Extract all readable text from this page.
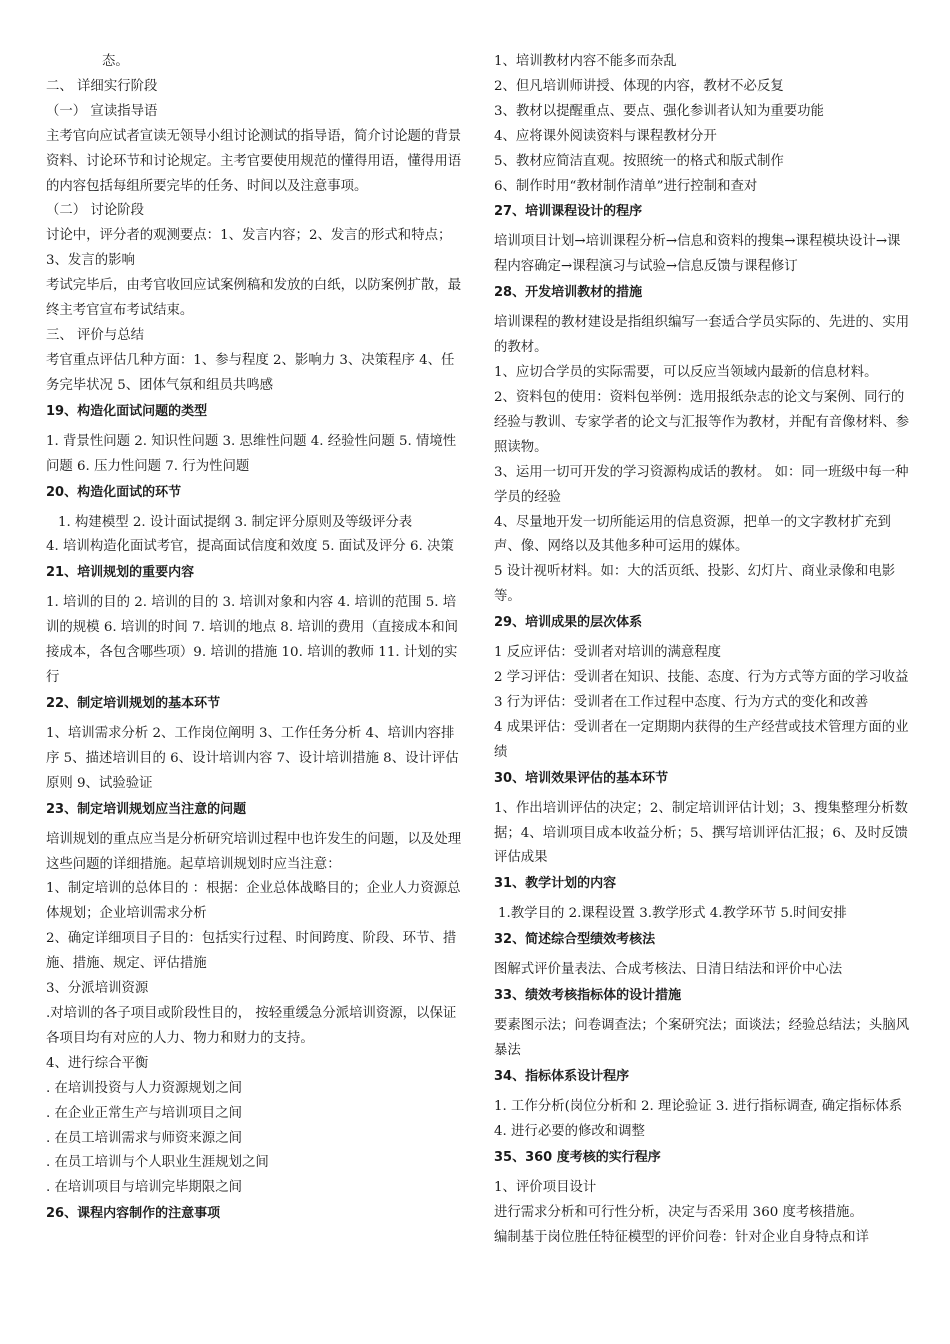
态。

二、 详细实行阶段

（一） 宣读指导语

主考官向应试者宣读无领导小组讨论测试的指导语，简介讨论题的背景资料、讨论环节和讨论规定。主考官要使用规范的懂得用语，懂得用语的内容包括每组所要完毕的任务、时间以及注意事项。

（二） 讨论阶段

讨论中，评分者的观测要点：1、发言内容；2、发言的形式和特点；3、发言的影响

考试完毕后，由考官收回应试案例稿和发放的白纸，以防案例扩散，最终主考官宣布考试结束。

三、 评价与总结

考官重点评估几种方面：1、参与程度 2、影响力 3、决策程序 4、任务完毕状况 5、团体气氛和组员共鸣感

19、构造化面试问题的类型

1. 背景性问题 2. 知识性问题 3. 思维性问题 4. 经验性问题 5. 情境性问题 6. 压力性问题 7. 行为性问题

20、构造化面试的环节

1. 构建模型 2. 设计面试提纲 3. 制定评分原则及等级评分表

4. 培训构造化面试考官，提高面试信度和效度 5. 面试及评分 6. 决策

21、培训规划的重要内容

1. 培训的目的 2. 培训的目的 3. 培训对象和内容 4. 培训的范围 5. 培训的规模 6. 培训的时间 7. 培训的地点 8. 培训的费用（直接成本和间接成本，各包含哪些项）9. 培训的措施 10. 培训的教师 11. 计划的实行

22、制定培训规划的基本环节

1、培训需求分析 2、工作岗位阐明 3、工作任务分析 4、培训内容排序 5、描述培训目的 6、设计培训内容 7、设计培训措施 8、设计评估原则 9、试验验证

23、制定培训规划应当注意的问题

培训规划的重点应当是分析研究培训过程中也许发生的问题，以及处理这些问题的详细措施。起草培训规划时应当注意：

1、制定培训的总体目的 ：根据：企业总体战略目的；企业人力资源总体规划；企业培训需求分析

2、确定详细项目子目的：包括实行过程、时间跨度、阶段、环节、措施、措施、规定、评估措施

3、分派培训资源

.对培训的各子项目或阶段性目的， 按轻重缓急分派培训资源，以保证各项目均有对应的人力、物力和财力的支持。

4、进行综合平衡

. 在培训投资与人力资源规划之间

. 在企业正常生产与培训项目之间

. 在员工培训需求与师资来源之间

. 在员工培训与个人职业生涯规划之间

. 在培训项目与培训完毕期限之间

26、课程内容制作的注意事项

1、培训教材内容不能多而杂乱

2、但凡培训师讲授、体现的内容，教材不必反复

3、教材以提醒重点、要点、强化参训者认知为重要功能

4、应将课外阅读资料与课程教材分开

5、教材应简洁直观。按照统一的格式和版式制作

6、制作时用“教材制作清单”进行控制和查对

27、培训课程设计的程序

培训项目计划→培训课程分析→信息和资料的搜集→课程模块设计→课程内容确定→课程演习与试验→信息反馈与课程修订

28、开发培训教材的措施

培训课程的教材建设是指组织编写一套适合学员实际的、先进的、实用的教材。

1、应切合学员的实际需要，可以反应当领域内最新的信息材料。

2、资料包的使用：资料包举例：选用报纸杂志的论文与案例、同行的经验与教训、专家学者的论文与汇报等作为教材，并配有音像材料、参照读物。

3、运用一切可开发的学习资源构成话的教材。 如：同一班级中每一种学员的经验

4、尽量地开发一切所能运用的信息资源，把单一的文字教材扩充到声、像、网络以及其他多种可运用的媒体。

5 设计视听材料。如：大的活页纸、投影、幻灯片、商业录像和电影等。

29、培训成果的层次体系

1 反应评估：受训者对培训的满意程度

2 学习评估：受训者在知识、技能、态度、行为方式等方面的学习收益

3 行为评估：受训者在工作过程中态度、行为方式的变化和改善

4 成果评估：受训者在一定期期内获得的生产经营或技术管理方面的业绩

30、培训效果评估的基本环节

1、作出培训评估的决定；2、制定培训评估计划；3、搜集整理分析数据；4、培训项目成本收益分析；5、撰写培训评估汇报；6、及时反馈评估成果

31、教学计划的内容

1.教学目的 2.课程设置 3.教学形式 4.教学环节 5.时间安排

32、简述综合型绩效考核法

图解式评价量表法、合成考核法、日清日结法和评价中心法

33、绩效考核指标体的设计措施

要素图示法；问卷调查法；个案研究法；面谈法；经验总结法；头脑风暴法

34、指标体系设计程序

1. 工作分析(岗位分析和 2. 理论验证 3. 进行指标调查, 确定指标体系 4. 进行必要的修改和调整

35、360 度考核的实行程序

1、评价项目设计

进行需求分析和可行性分析，决定与否采用 360 度考核措施。

编制基于岗位胜任特征模型的评价问卷：针对企业自身特点和详
